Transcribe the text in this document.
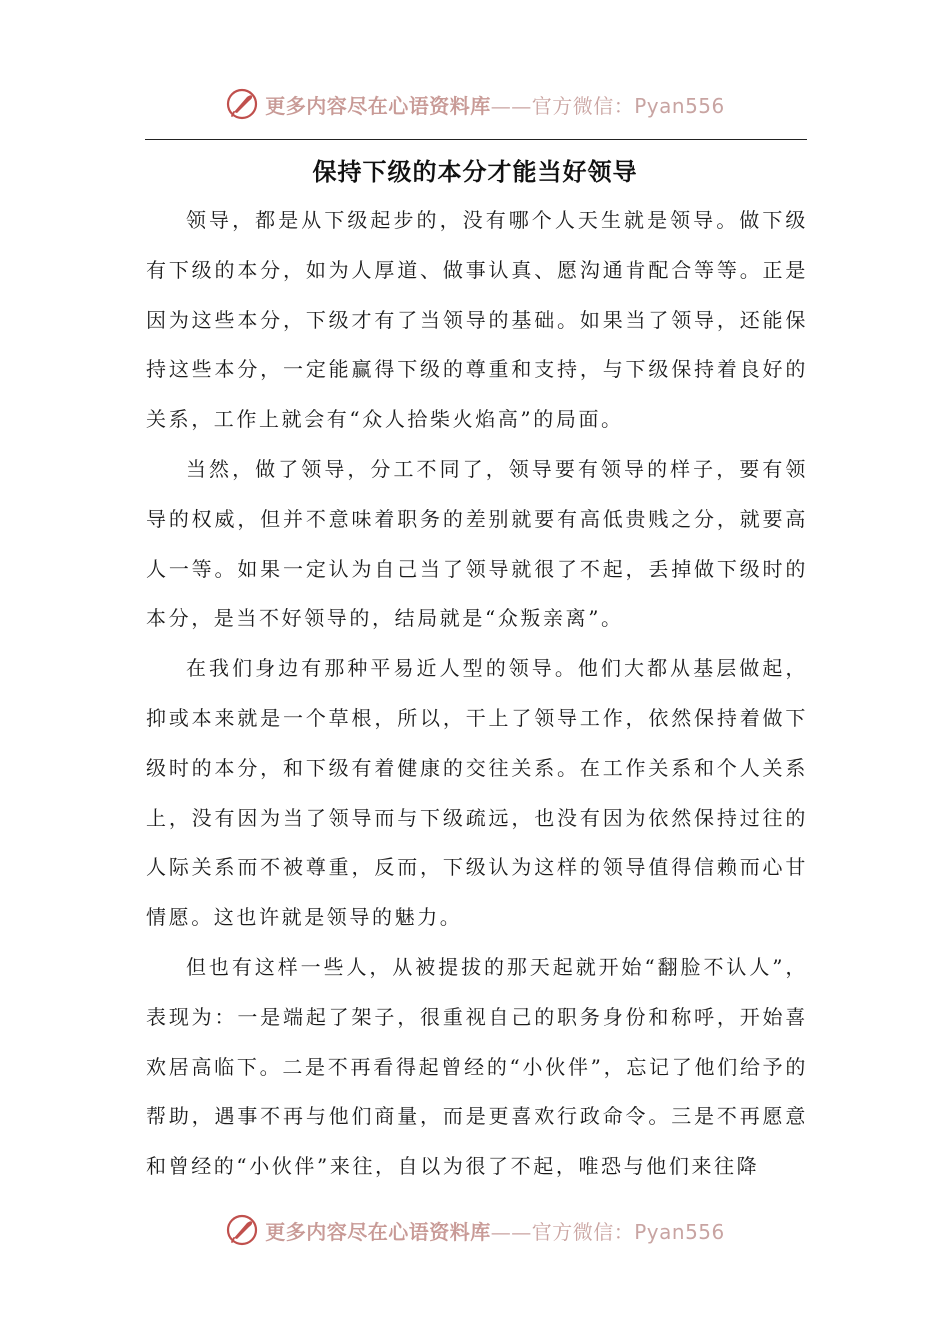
更多内容尽在心语资料库——官方微信：Pyan556
保持下级的本分才能当好领导

领导，都是从下级起步的，没有哪个人天生就是领导。做下级有下级的本分，如为人厚道、做事认真、愿沟通肯配合等等。正是因为这些本分，下级才有了当领导的基础。如果当了领导，还能保持这些本分，一定能赢得下级的尊重和支持，与下级保持着良好的关系，工作上就会有“众人拾柴火焰高”的局面。

当然，做了领导，分工不同了，领导要有领导的样子，要有领导的权威，但并不意味着职务的差别就要有高低贵贱之分，就要高人一等。如果一定认为自己当了领导就很了不起，丢掉做下级时的本分，是当不好领导的，结局就是“众叛亲离”。

在我们身边有那种平易近人型的领导。他们大都从基层做起，抑或本来就是一个草根，所以，干上了领导工作，依然保持着做下级时的本分，和下级有着健康的交往关系。在工作关系和个人关系上，没有因为当了领导而与下级疏远，也没有因为依然保持过往的人际关系而不被尊重，反而，下级认为这样的领导值得信赖而心甘情愿。这也许就是领导的魅力。

但也有这样一些人，从被提拔的那天起就开始“翻脸不认人”，表现为：一是端起了架子，很重视自己的职务身份和称呼，开始喜欢居高临下。二是不再看得起曾经的“小伙伴”，忘记了他们给予的帮助，遇事不再与他们商量，而是更喜欢行政命令。三是不再愿意和曾经的“小伙伴”来往，自以为很了不起，唯恐与他们来往降

更多内容尽在心语资料库——官方微信：Pyan556
